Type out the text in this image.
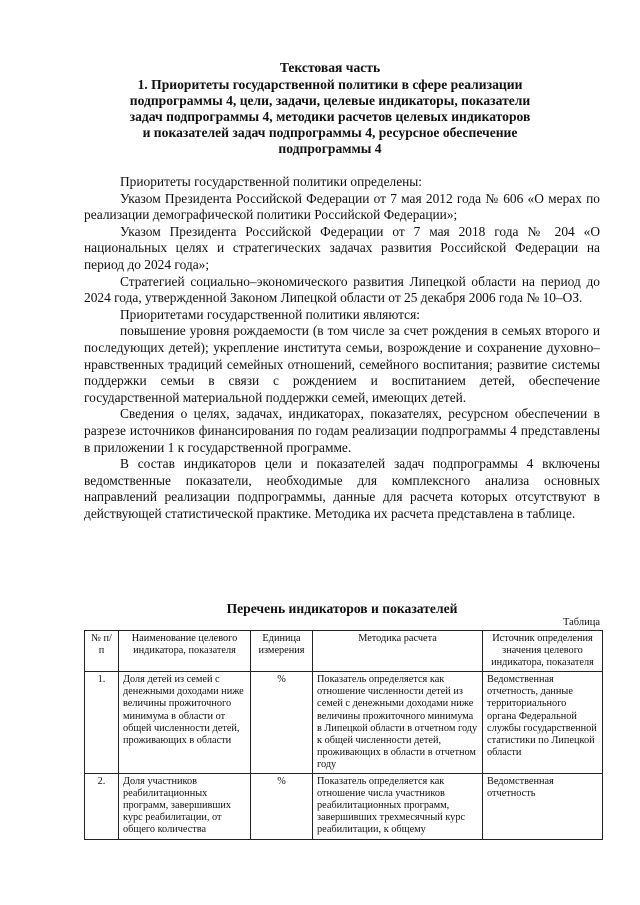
Текстовая часть
1. Приоритеты государственной политики в сфере реализации
подпрограммы 4, цели, задачи, целевые индикаторы, показатели
задач подпрограммы 4, методики расчетов целевых индикаторов
и показателей задач подпрограммы 4, ресурсное обеспечение
подпрограммы 4

Приоритеты государственной политики определены:

Указом Президента Российской Федерации от 7 мая 2012 года № 606 «О мерах по реализации демографической политики Российской Федерации»;

Указом Президента Российской Федерации от 7 мая 2018 года № 204 «О национальных целях и стратегических задачах развития Российской Федерации на период до 2024 года»;

Стратегией социально–экономического развития Липецкой области на период до 2024 года, утвержденной Законом Липецкой области от 25 декабря 2006 года № 10–ОЗ.

Приоритетами государственной политики являются:

повышение уровня рождаемости (в том числе за счет рождения в семьях второго и последующих детей); укрепление института семьи, возрождение и сохранение духовно–нравственных традиций семейных отношений, семейного воспитания; развитие системы поддержки семьи в связи с рождением и воспитанием детей, обеспечение государственной материальной поддержки семей, имеющих детей.

Сведения о целях, задачах, индикаторах, показателях, ресурсном обеспечении в разрезе источников финансирования по годам реализации подпрограммы 4 представлены в приложении 1 к государственной программе.

В состав индикаторов цели и показателей задач подпрограммы 4 включены ведомственные показатели, необходимые для комплексного анализа основных направлений реализации подпрограммы, данные для расчета которых отсутствуют в действующей статистической практике. Методика их расчета представлена в таблице.

Перечень индикаторов и показателей
Таблица
№ п/п	Наименование целевого индикатора, показателя	Единица измерения	Методика расчета	Источник определения значения целевого индикатора, показателя
1.	Доля детей из семей с денежными доходами ниже величины прожиточного минимума в области от общей численности детей, проживающих в области	%	Показатель определяется как отношение численности детей из семей с денежными доходами ниже величины прожиточного минимума в Липецкой области в отчетном году к общей численности детей, проживающих в области в отчетном году	Ведомственная отчетность, данные территориального органа Федеральной службы государственной статистики по Липецкой области
2.	Доля участников реабилитационных программ, завершивших курс реабилитации, от общего количества	%	Показатель определяется как отношение числа участников реабилитационных программ, завершивших трехмесячный курс реабилитации, к общему	Ведомственная отчетность
